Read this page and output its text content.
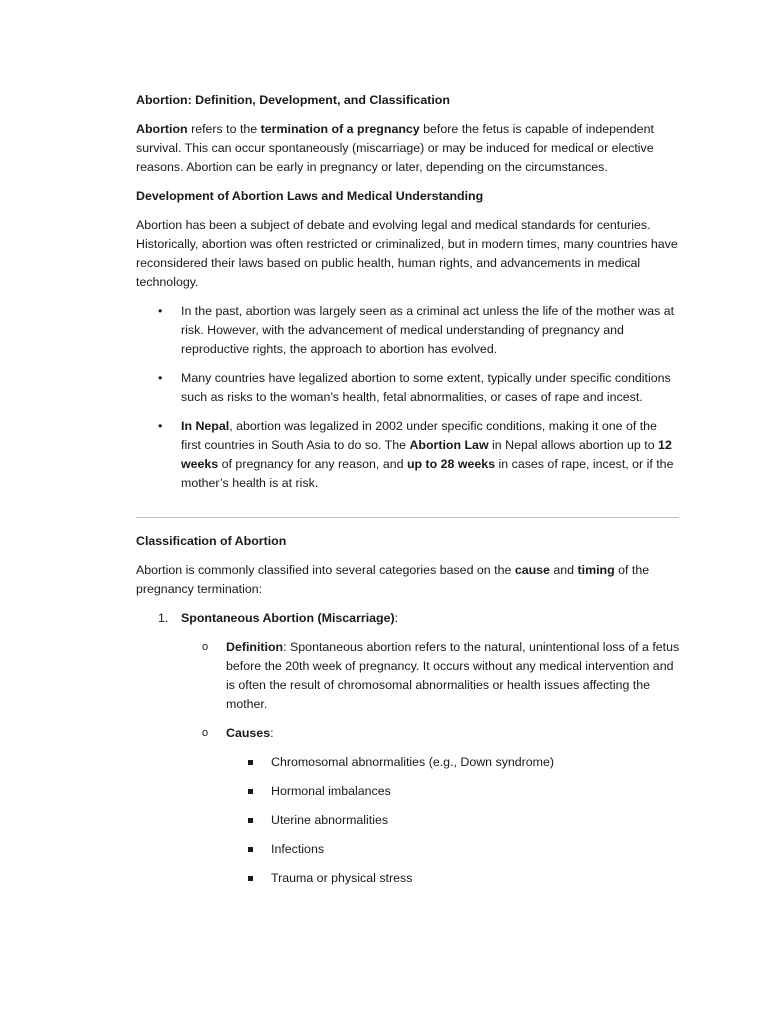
Abortion: Definition, Development, and Classification

Abortion refers to the termination of a pregnancy before the fetus is capable of independent survival. This can occur spontaneously (miscarriage) or may be induced for medical or elective reasons. Abortion can be early in pregnancy or later, depending on the circumstances.

Development of Abortion Laws and Medical Understanding

Abortion has been a subject of debate and evolving legal and medical standards for centuries. Historically, abortion was often restricted or criminalized, but in modern times, many countries have reconsidered their laws based on public health, human rights, and advancements in medical technology.

• In the past, abortion was largely seen as a criminal act unless the life of the mother was at risk. However, with the advancement of medical understanding of pregnancy and reproductive rights, the approach to abortion has evolved.
• Many countries have legalized abortion to some extent, typically under specific conditions such as risks to the woman's health, fetal abnormalities, or cases of rape and incest.
• In Nepal, abortion was legalized in 2002 under specific conditions, making it one of the first countries in South Asia to do so. The Abortion Law in Nepal allows abortion up to 12 weeks of pregnancy for any reason, and up to 28 weeks in cases of rape, incest, or if the mother’s health is at risk.

Classification of Abortion

Abortion is commonly classified into several categories based on the cause and timing of the pregnancy termination:

1. Spontaneous Abortion (Miscarriage):

o Definition: Spontaneous abortion refers to the natural, unintentional loss of a fetus before the 20th week of pregnancy. It occurs without any medical intervention and is often the result of chromosomal abnormalities or health issues affecting the mother.

o Causes:

Chromosomal abnormalities (e.g., Down syndrome)

Hormonal imbalances

Uterine abnormalities

Infections

Trauma or physical stress
